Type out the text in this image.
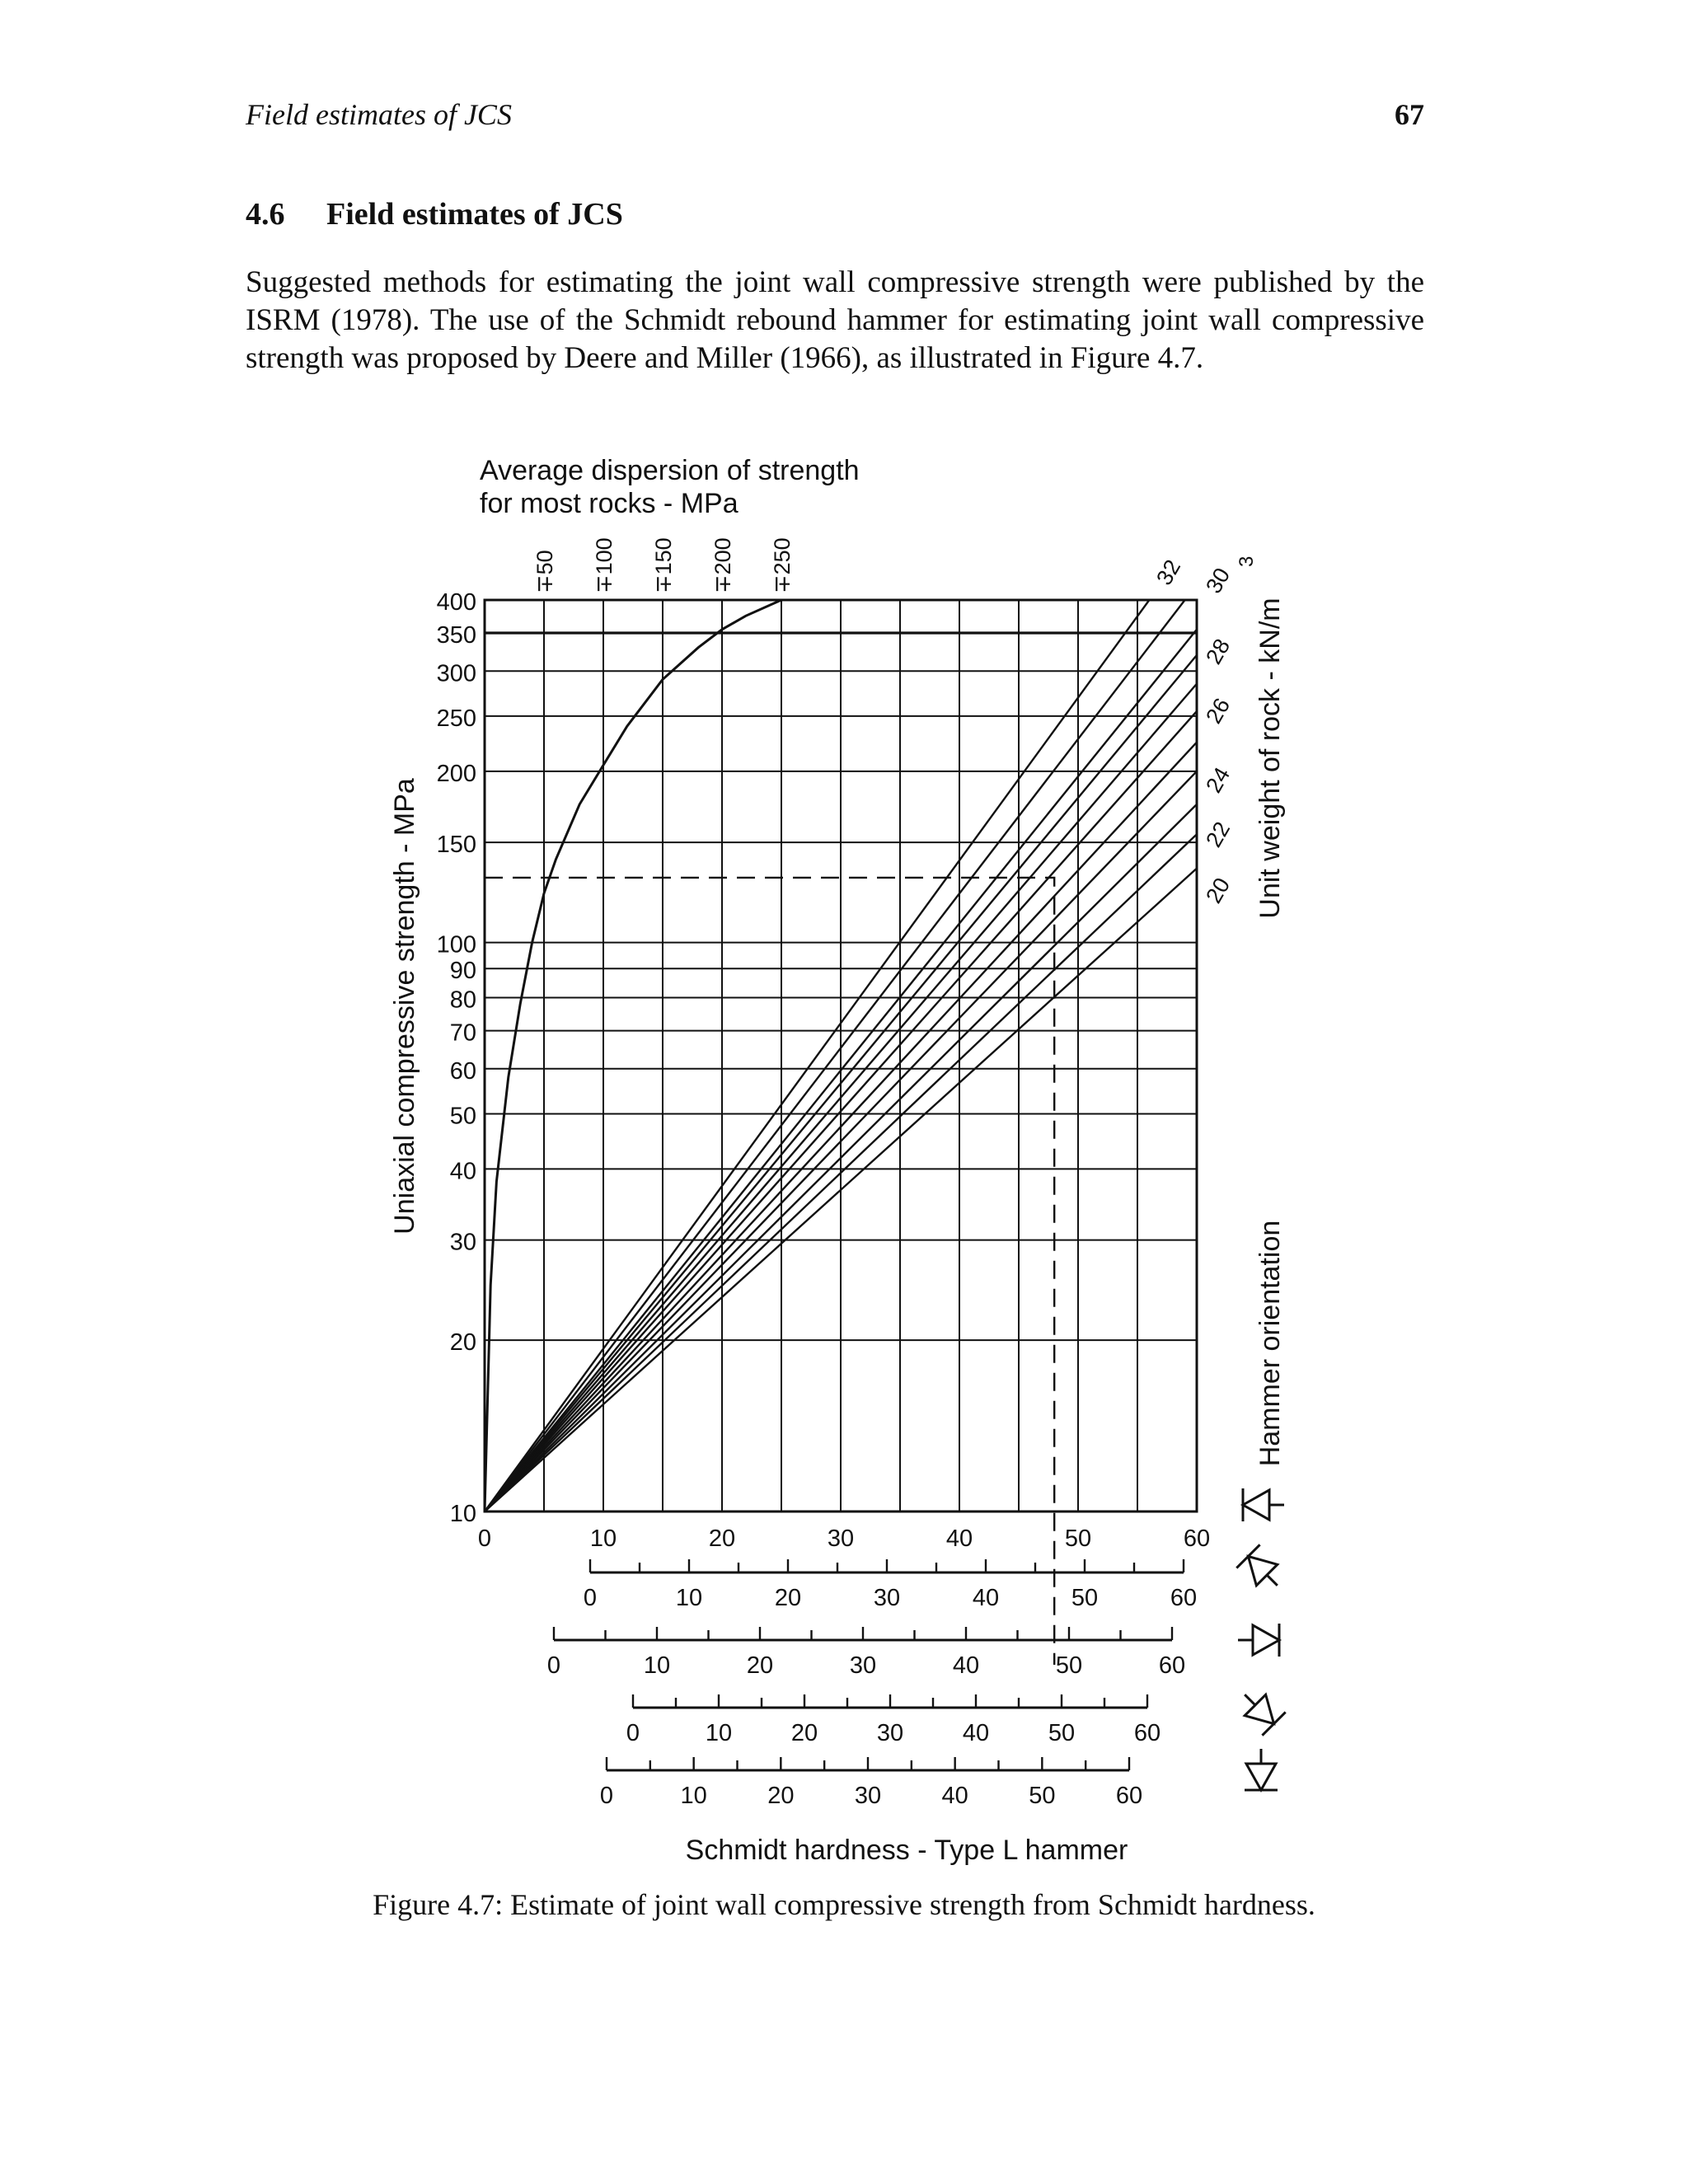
Field estimates of JCS	67
4.6 Field estimates of JCS

Suggested methods for estimating the joint wall compressive strength were published by the ISRM (1978). The use of the Schmidt rebound hammer for estimating joint wall compressive strength was proposed by Deere and Miller (1966), as illustrated in Figure 4.7.

10
20
30
40
50
60
70
80
90
100
150
200
250
300
350
400
0	10	20	30	40	50	60
∓50 ∓100 ∓150 ∓200 ∓250	32 30
28
26
24
22
20
Average dispersion of strength
for most rocks - MPa
Uniaxial compressive strength - MPa
Unit weight of rock - kN/m
3
Hammer orientation
Schmidt hardness - Type L hammer
0	10	20	30	40	50	60
0	10	20	30	40	50	60
0	10 20 30 40 50 60
0	10	20	30	40	50	60
Figure 4.7: Estimate of joint wall compressive strength from Schmidt hardness.
